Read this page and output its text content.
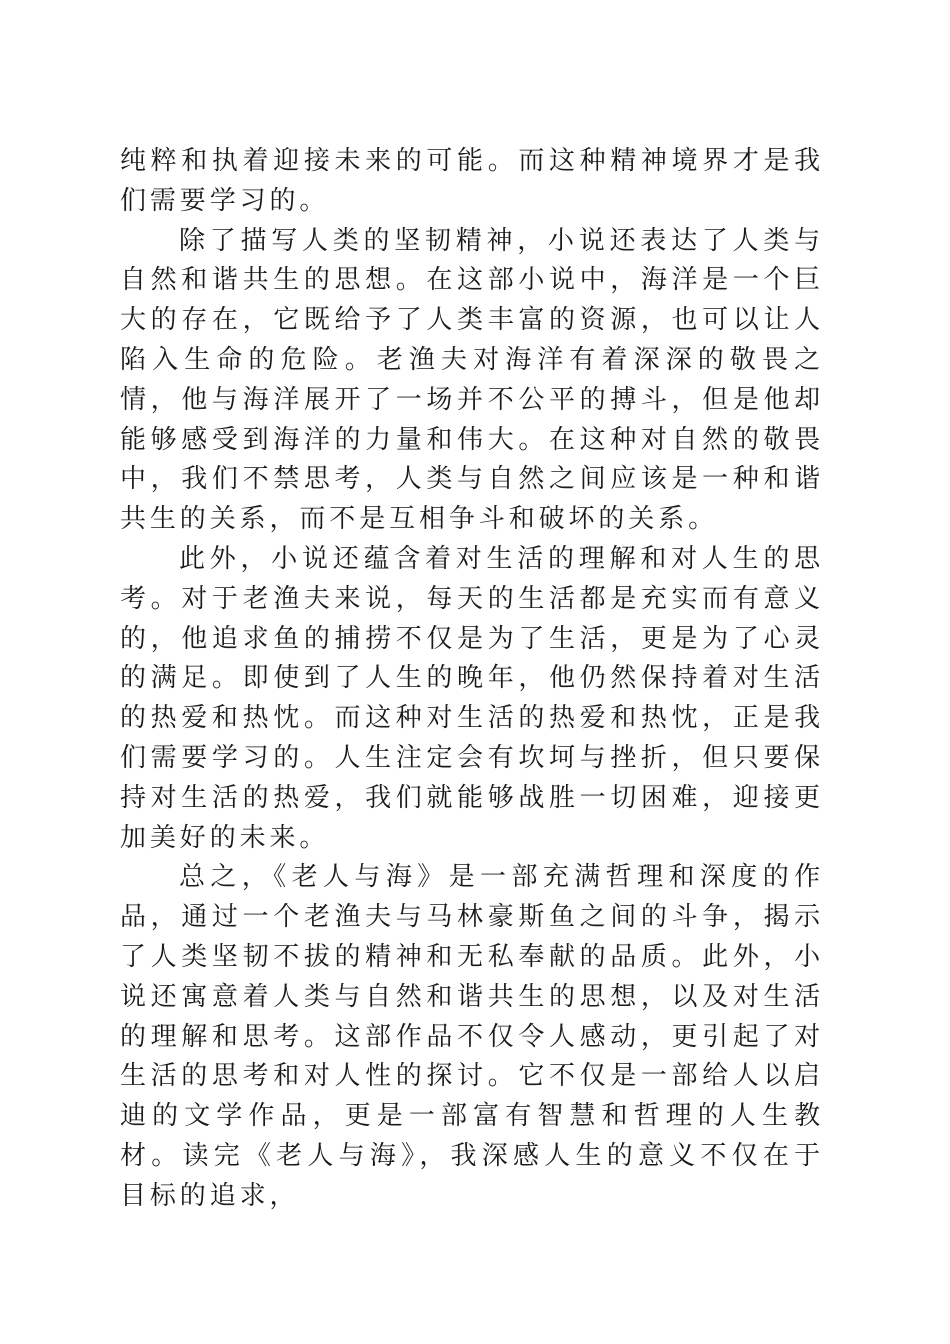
纯粹和执着迎接未来的可能。而这种精神境界才是我们需要学习的。

除了描写人类的坚韧精神，小说还表达了人类与自然和谐共生的思想。在这部小说中，海洋是一个巨大的存在，它既给予了人类丰富的资源，也可以让人陷入生命的危险。老渔夫对海洋有着深深的敬畏之情，他与海洋展开了一场并不公平的搏斗，但是他却能够感受到海洋的力量和伟大。在这种对自然的敬畏中，我们不禁思考，人类与自然之间应该是一种和谐共生的关系，而不是互相争斗和破坏的关系。

此外，小说还蕴含着对生活的理解和对人生的思考。对于老渔夫来说，每天的生活都是充实而有意义的，他追求鱼的捕捞不仅是为了生活，更是为了心灵的满足。即使到了人生的晚年，他仍然保持着对生活的热爱和热忱。而这种对生活的热爱和热忱，正是我们需要学习的。人生注定会有坎坷与挫折，但只要保持对生活的热爱，我们就能够战胜一切困难，迎接更加美好的未来。

总之，《老人与海》是一部充满哲理和深度的作品，通过一个老渔夫与马林豪斯鱼之间的斗争，揭示了人类坚韧不拔的精神和无私奉献的品质。此外，小说还寓意着人类与自然和谐共生的思想，以及对生活的理解和思考。这部作品不仅令人感动，更引起了对生活的思考和对人性的探讨。它不仅是一部给人以启迪的文学作品，更是一部富有智慧和哲理的人生教材。读完《老人与海》，我深感人生的意义不仅在于目标的追求，
